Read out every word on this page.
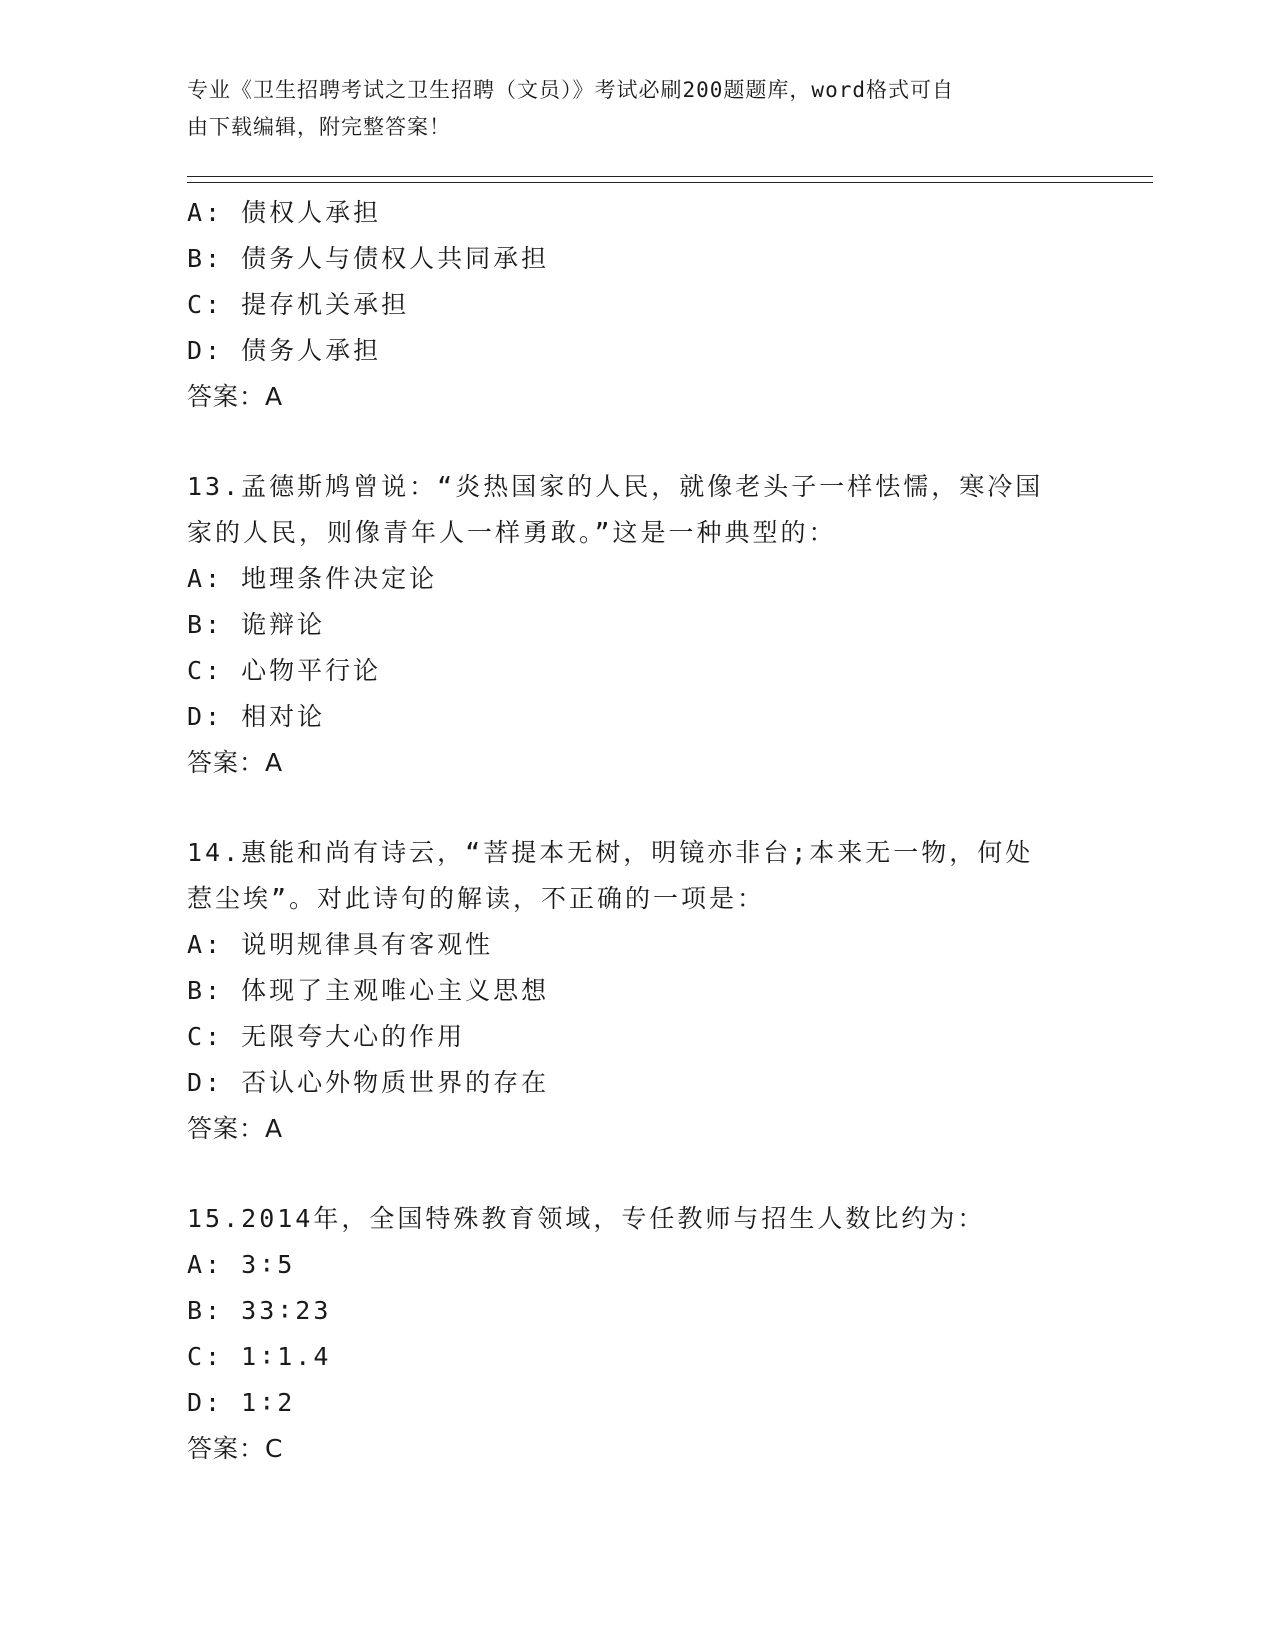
专业《卫生招聘考试之卫生招聘（文员）》考试必刷200题题库，word格式可自
由下载编辑，附完整答案！
A: 债权人承担
B: 债务人与债权人共同承担
C: 提存机关承担
D: 债务人承担
答案：A
13.孟德斯鸠曾说：“炎热国家的人民，就像老头子一样怯懦，寒冷国
家的人民，则像青年人一样勇敢。”这是一种典型的：
A: 地理条件决定论
B: 诡辩论
C: 心物平行论
D: 相对论
答案：A
14.惠能和尚有诗云，“菩提本无树，明镜亦非台;本来无一物，何处
惹尘埃”。对此诗句的解读，不正确的一项是：
A: 说明规律具有客观性
B: 体现了主观唯心主义思想
C: 无限夸大心的作用
D: 否认心外物质世界的存在
答案：A
15.2014年，全国特殊教育领域，专任教师与招生人数比约为：
A: 3∶5
B: 33∶23
C: 1∶1.4
D: 1∶2
答案：C
